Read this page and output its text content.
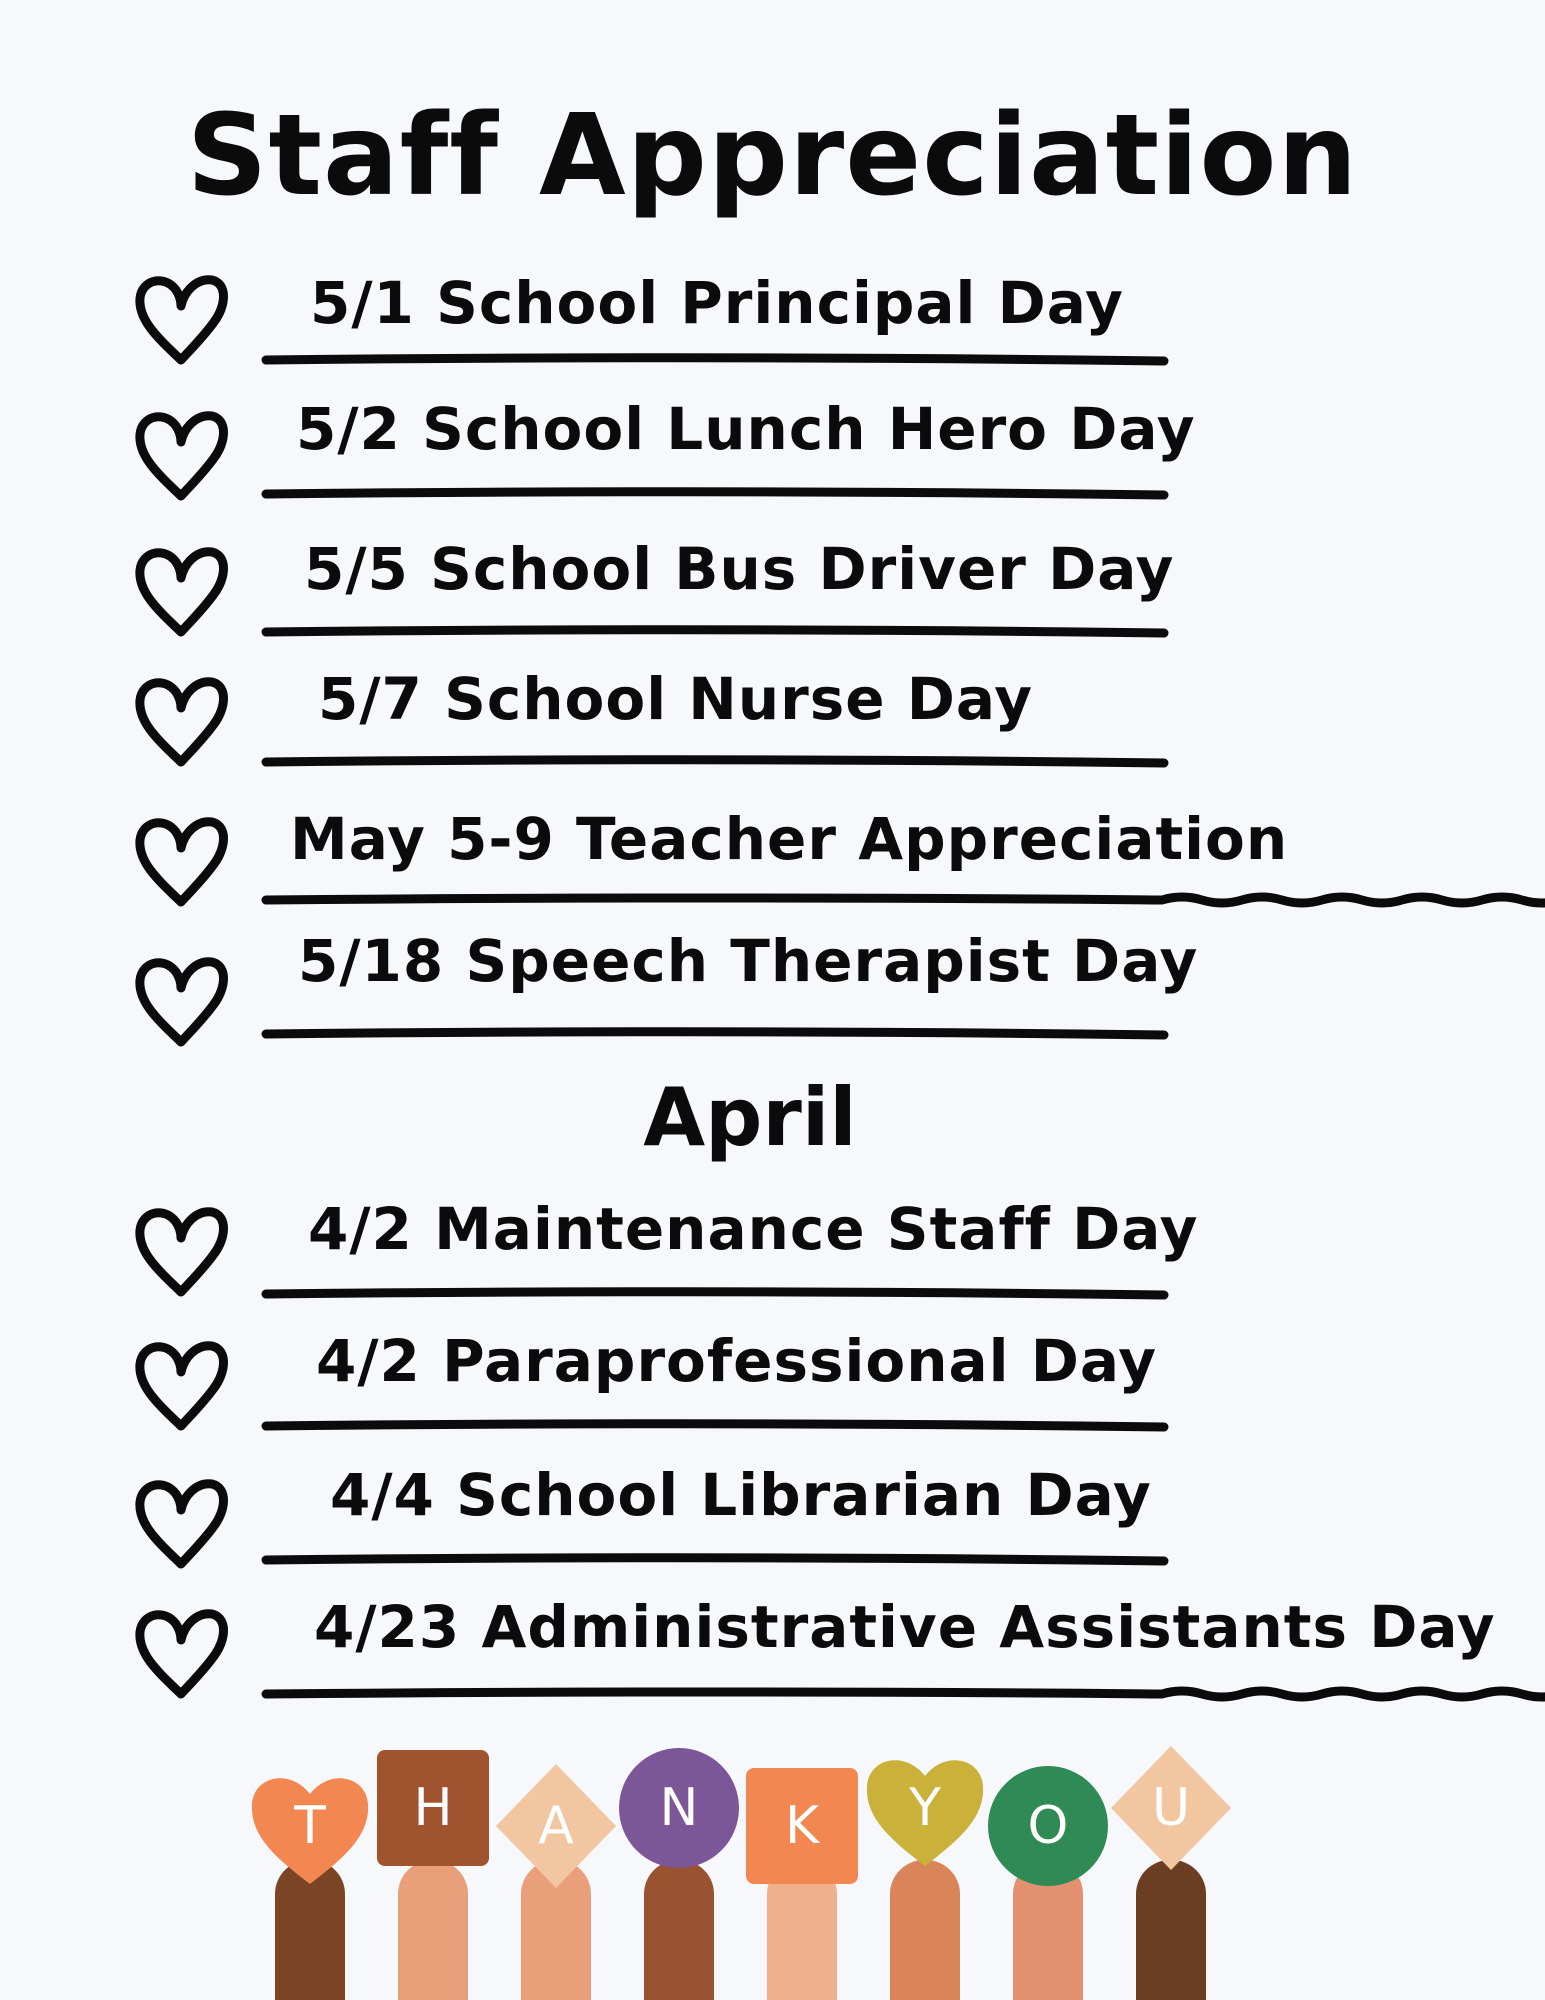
Staff Appreciation
5/1 School Principal Day
5/2 School Lunch Hero Day
5/5 School Bus Driver Day
5/7 School Nurse Day
May 5-9 Teacher Appreciation
5/18 Speech Therapist Day
April
4/2 Maintenance Staff Day
4/2 Paraprofessional Day
4/4 School Librarian Day
4/23 Administrative Assistants Day
T H A N K Y O U
